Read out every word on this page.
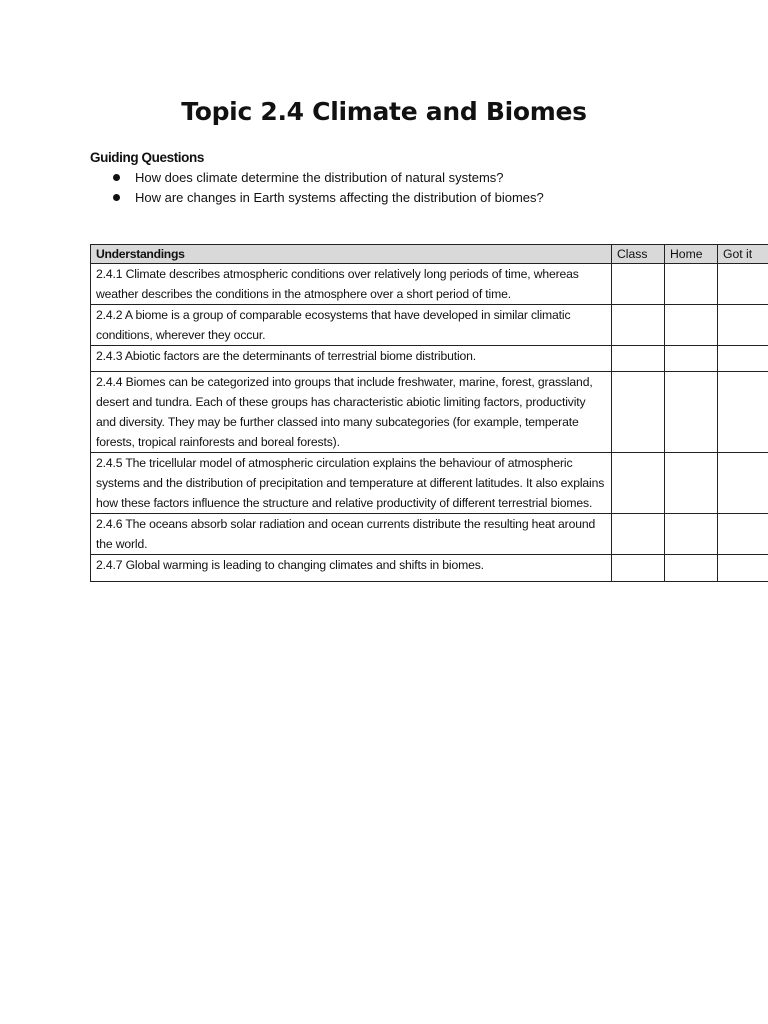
Topic 2.4 Climate and Biomes
Guiding Questions
How does climate determine the distribution of natural systems?
How are changes in Earth systems affecting the distribution of biomes?
Understandings	Class	Home	Got it
2.4.1 Climate describes atmospheric conditions over relatively long periods of time, whereas weather describes the conditions in the atmosphere over a short period of time.			
2.4.2 A biome is a group of comparable ecosystems that have developed in similar climatic conditions, wherever they occur.			
2.4.3 Abiotic factors are the determinants of terrestrial biome distribution.			
2.4.4 Biomes can be categorized into groups that include freshwater, marine, forest, grassland, desert and tundra. Each of these groups has characteristic abiotic limiting factors, productivity and diversity. They may be further classed into many subcategories (for example, temperate forests, tropical rainforests and boreal forests).			
2.4.5 The tricellular model of atmospheric circulation explains the behaviour of atmospheric systems and the distribution of precipitation and temperature at different latitudes. It also explains how these factors influence the structure and relative productivity of different terrestrial biomes.			
2.4.6 The oceans absorb solar radiation and ocean currents distribute the resulting heat around the world.			
2.4.7 Global warming is leading to changing climates and shifts in biomes.			
